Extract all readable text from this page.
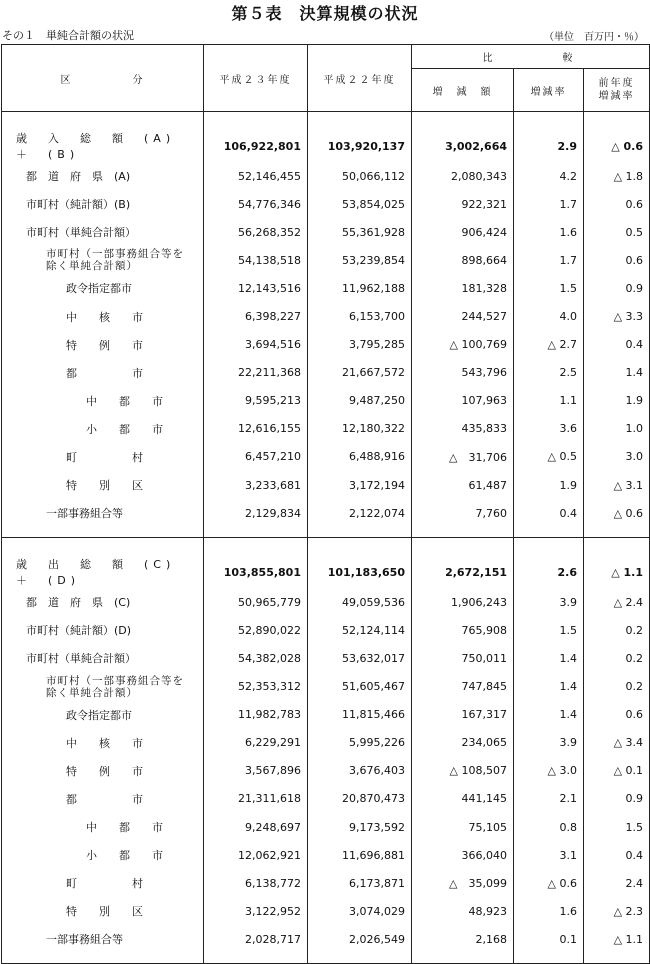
第５表　決算規模の状況
その１　単純合計額の状況	（単位　百万円・％）
区　　　　　分	平成２３年度	平成２２年度	比　　　　較		
			増　減　額	増減率	前年度
増減率

歳　入　総　額　(A)　＋　(B)	106,922,801	103,920,137	3,002,664	2.9	△ 0.6

都　道　府　県　(A)	52,146,455	50,066,112	2,080,343	4.2	△ 1.8

市町村（純計額）(B)	54,776,346	53,854,025	922,321	1.7	0.6

市町村（単純合計額）	56,268,352	55,361,928	906,424	1.6	0.5

市町村（一部事務組合等を
除く単純合計額）	54,138,518	53,239,854	898,664	1.7	0.6

政令指定都市	12,143,516	11,962,188	181,328	1.5	0.9

中　　核　　市	6,398,227	6,153,700	244,527	4.0	△ 3.3

特　　例　　市	3,694,516	3,795,285	△ 100,769	△ 2.7	0.4

都　　　　　市	22,211,368	21,667,572	543,796	2.5	1.4

中　　都　　市	9,595,213	9,487,250	107,963	1.1	1.9

小　　都　　市	12,616,155	12,180,322	435,833	3.6	1.0

町　　　　　村	6,457,210	6,488,916	△　31,706	△ 0.5	3.0

特　　別　　区	3,233,681	3,172,194	61,487	1.9	△ 3.1

一部事務組合等	2,129,834	2,122,074	7,760	0.4	△ 0.6

歳　出　総　額　(C)　＋　(D)	103,855,801	101,183,650	2,672,151	2.6	△ 1.1

都　道　府　県　(C)	50,965,779	49,059,536	1,906,243	3.9	△ 2.4

市町村（純計額）(D)	52,890,022	52,124,114	765,908	1.5	0.2

市町村（単純合計額）	54,382,028	53,632,017	750,011	1.4	0.2

市町村（一部事務組合等を
除く単純合計額）	52,353,312	51,605,467	747,845	1.4	0.2

政令指定都市	11,982,783	11,815,466	167,317	1.4	0.6

中　　核　　市	6,229,291	5,995,226	234,065	3.9	△ 3.4

特　　例　　市	3,567,896	3,676,403	△ 108,507	△ 3.0	△ 0.1

都　　　　　市	21,311,618	20,870,473	441,145	2.1	0.9

中　　都　　市	9,248,697	9,173,592	75,105	0.8	1.5

小　　都　　市	12,062,921	11,696,881	366,040	3.1	0.4

町　　　　　村	6,138,772	6,173,871	△　35,099	△ 0.6	2.4

特　　別　　区	3,122,952	3,074,029	48,923	1.6	△ 2.3

一部事務組合等	2,028,717	2,026,549	2,168	0.1	△ 1.1
